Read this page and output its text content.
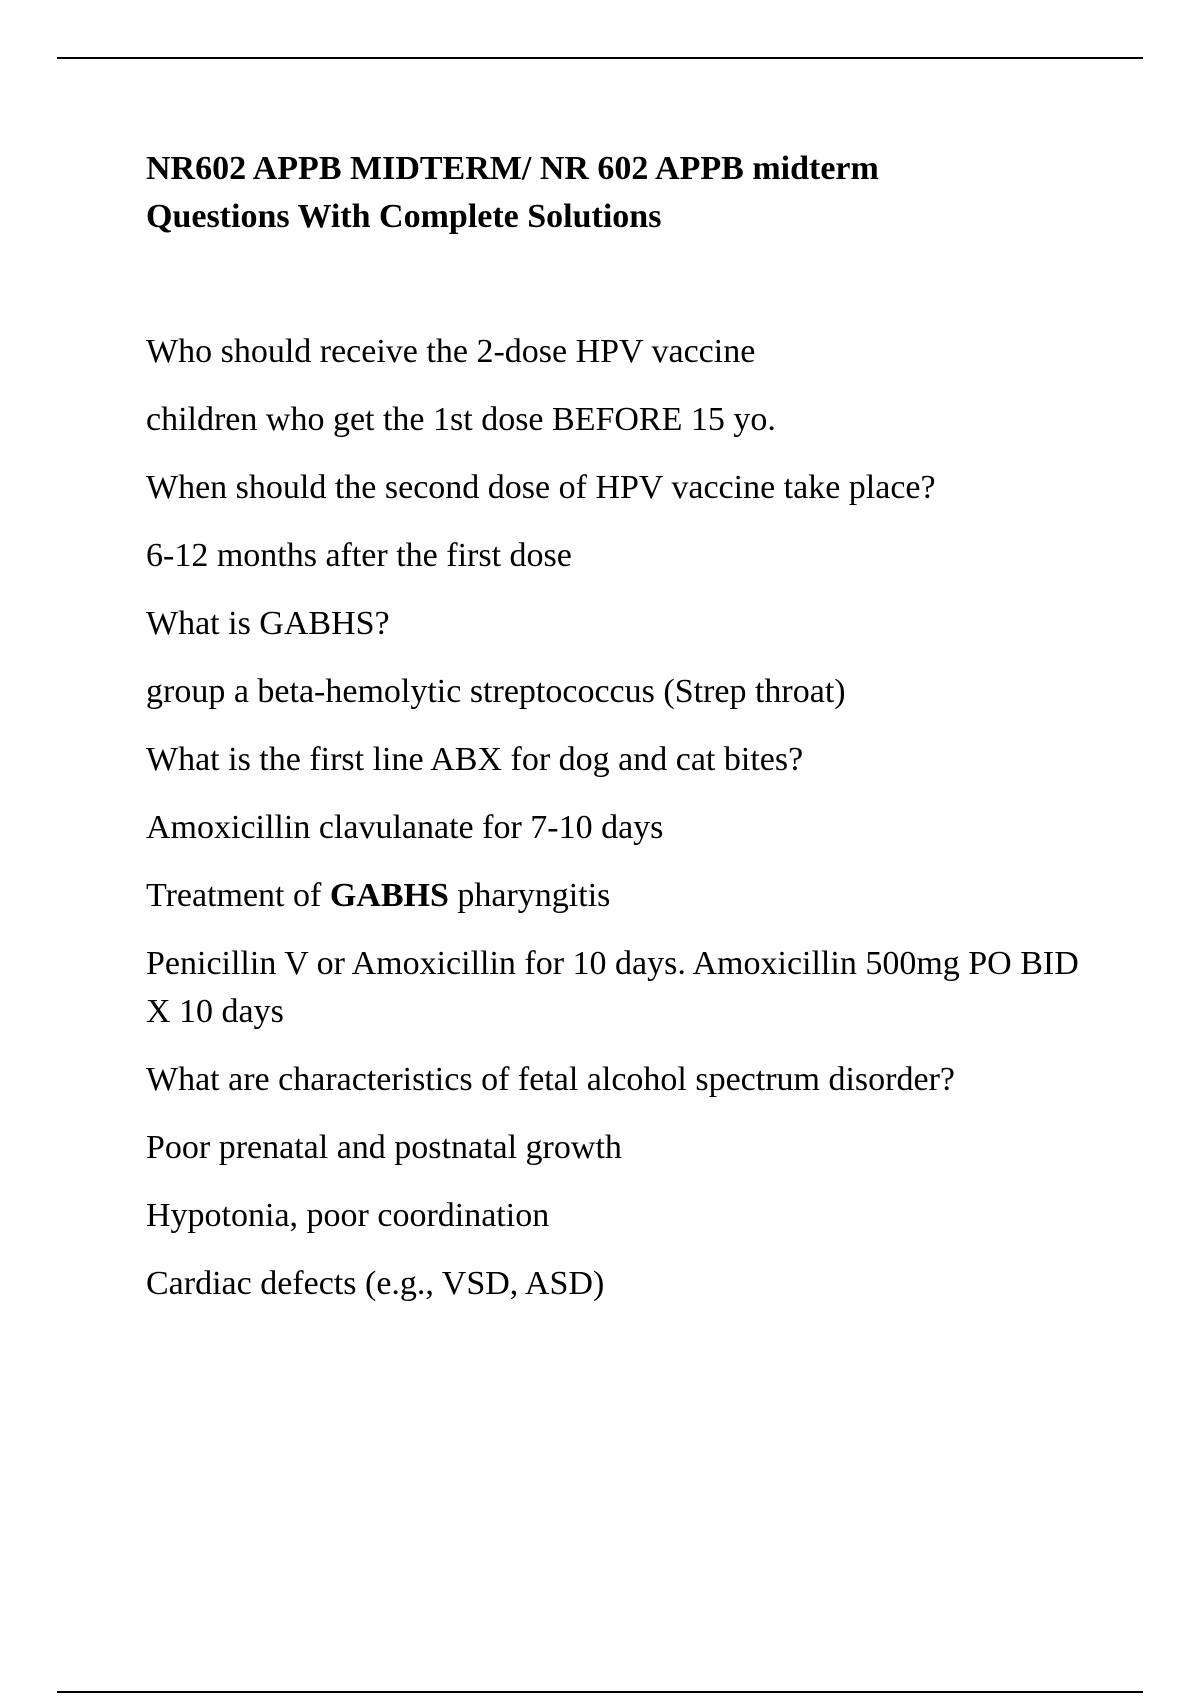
NR602 APPB MIDTERM/ NR 602 APPB midterm
Questions With Complete Solutions

Who should receive the 2-dose HPV vaccine

children who get the 1st dose BEFORE 15 yo.

When should the second dose of HPV vaccine take place?

6-12 months after the first dose

What is GABHS?

group a beta-hemolytic streptococcus (Strep throat)

What is the first line ABX for dog and cat bites?

Amoxicillin clavulanate for 7-10 days

Treatment of GABHS pharyngitis

Penicillin V or Amoxicillin for 10 days. Amoxicillin 500mg PO BID X 10 days

What are characteristics of fetal alcohol spectrum disorder?

Poor prenatal and postnatal growth

Hypotonia, poor coordination

Cardiac defects (e.g., VSD, ASD)
